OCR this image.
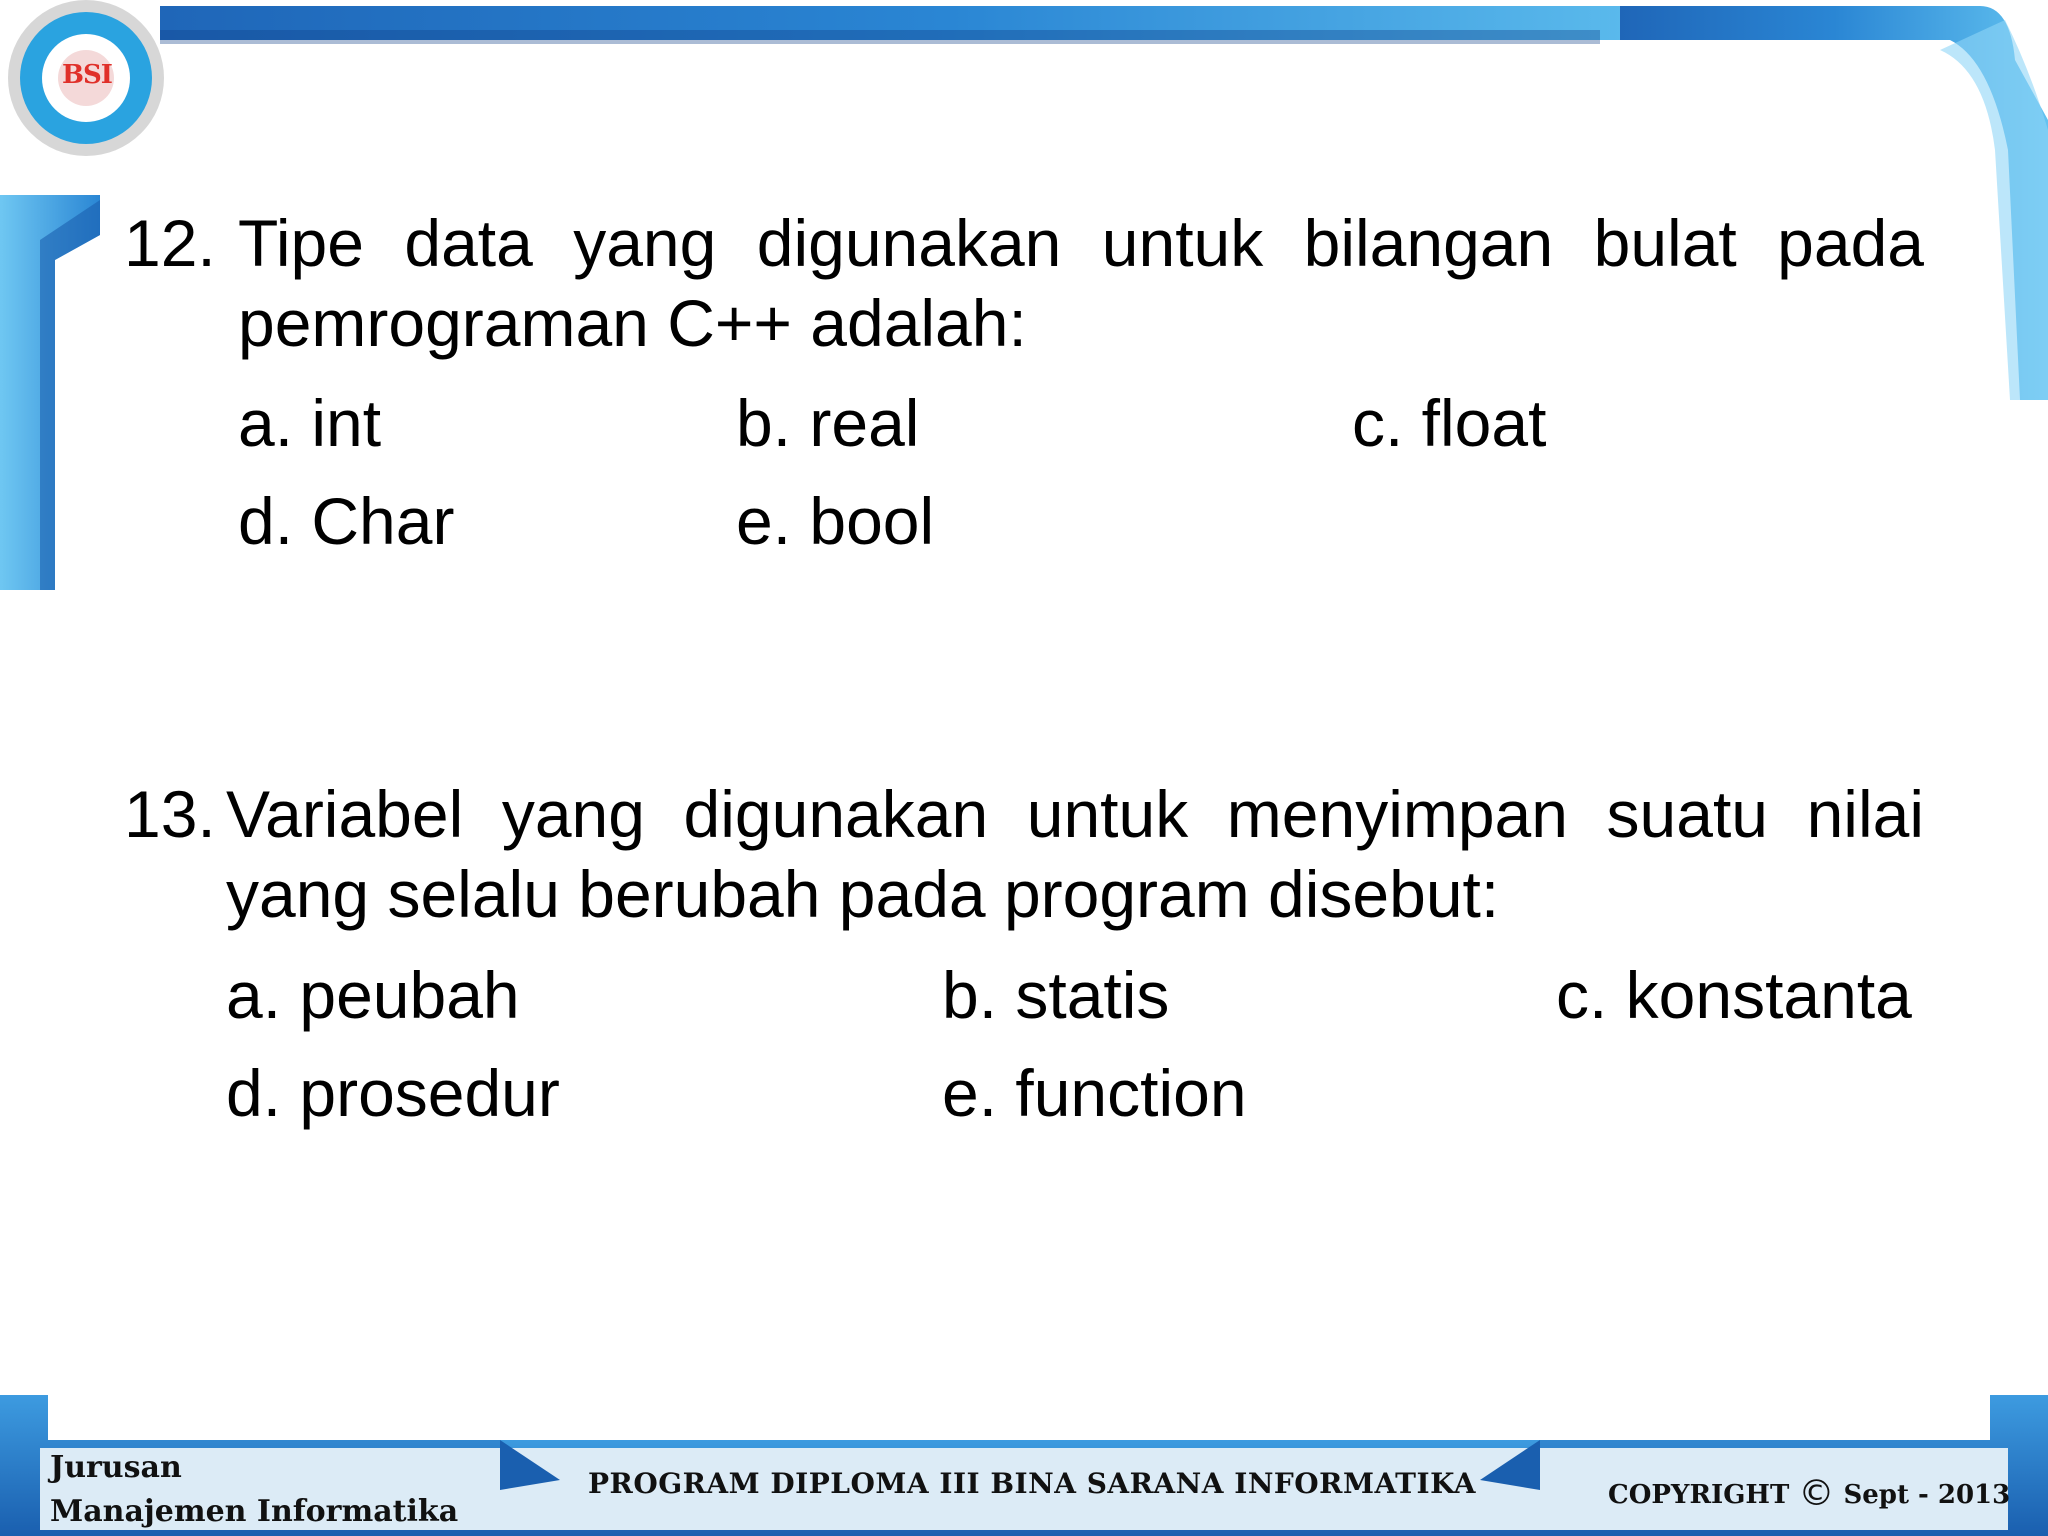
BSI
12. Tipe data yang digunakan untuk bilangan bulat pada pemrograman C++ adalah:
a. int	b. real	c. float
d. Char	e. bool
13. Variabel yang digunakan untuk menyimpan suatu nilai yang selalu berubah pada program disebut:
a. peubah	b. statis	c. konstanta
d. prosedur	e. function
Jurusan
Manajemen Informatika
PROGRAM DIPLOMA III BINA SARANA INFORMATIKA	COPYRIGHT © Sept - 2013
